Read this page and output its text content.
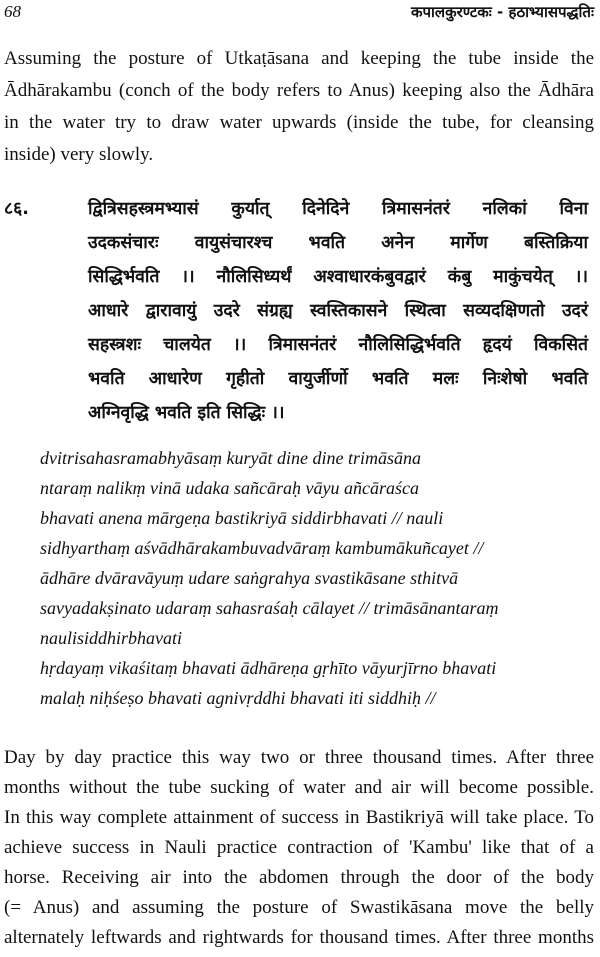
68	कपालकुरण्टकः - हठाभ्यासपद्धतिः
Assuming the posture of Utkaṭāsana and keeping the tube inside the
Ādhārakambu (conch of the body refers to Anus) keeping also the Ādhāra
in the water try to draw water upwards (inside the tube, for cleansing
inside) very slowly.
८६.	द्वित्रिसहस्त्रमभ्यासं कुर्यात् दिनेदिने त्रिमासनंतरं नलिकां विना
उदकसंचारः वायुसंचारश्च भवति अनेन मार्गेण बस्तिक्रिया
सिद्धिर्भवति ।। नौलिसिध्यर्थं अश्वाधारकंबुवद्वारं कंबु माकुंचयेत् ।।
आधारे द्वारावायुं उदरे संग्रह्य स्वस्तिकासने स्थित्वा सव्यदक्षिणतो उदरं
सहस्त्रशः चालयेत ।। त्रिमासनंतरं नौलिसिद्धिर्भवति हृदयं विकसितं
भवति आधारेण गृहीतो वायुर्जीर्णो भवति मलः निःशेषो भवति
अग्निवृद्धि भवति इति सिद्धिः ।।
dvitrisahasramabhyāsaṃ kuryāt dine dine trimāsāna
ntaraṃ nalikṃ vinā udaka sañcāraḥ vāyu añcāraśca
bhavati anena mārgeṇa bastikriyā siddirbhavati // nauli
sidhyarthaṃ aśvādhārakambuvadvāraṃ kambumākuñcayet //
ādhāre dvāravāyuṃ udare saṅgrahya svastikāsane sthitvā
savyadakṣinato udaraṃ sahasraśaḥ cālayet // trimāsānantaraṃ
naulisiddhirbhavati
hṛdayaṃ vikaśitaṃ bhavati ādhāreṇa gṛhīto vāyurjīrno bhavati
malaḥ niḥśeṣo bhavati agnivṛddhi bhavati iti siddhiḥ //
Day by day practice this way two or three thousand times. After three
months without the tube sucking of water and air will become possible.
In this way complete attainment of success in Bastikriyā will take place. To
achieve success in Nauli practice contraction of 'Kambu' like that of a
horse. Receiving air into the abdomen through the door of the body
(= Anus) and assuming the posture of Swastikāsana move the belly
alternately leftwards and rightwards for thousand times. After three months
